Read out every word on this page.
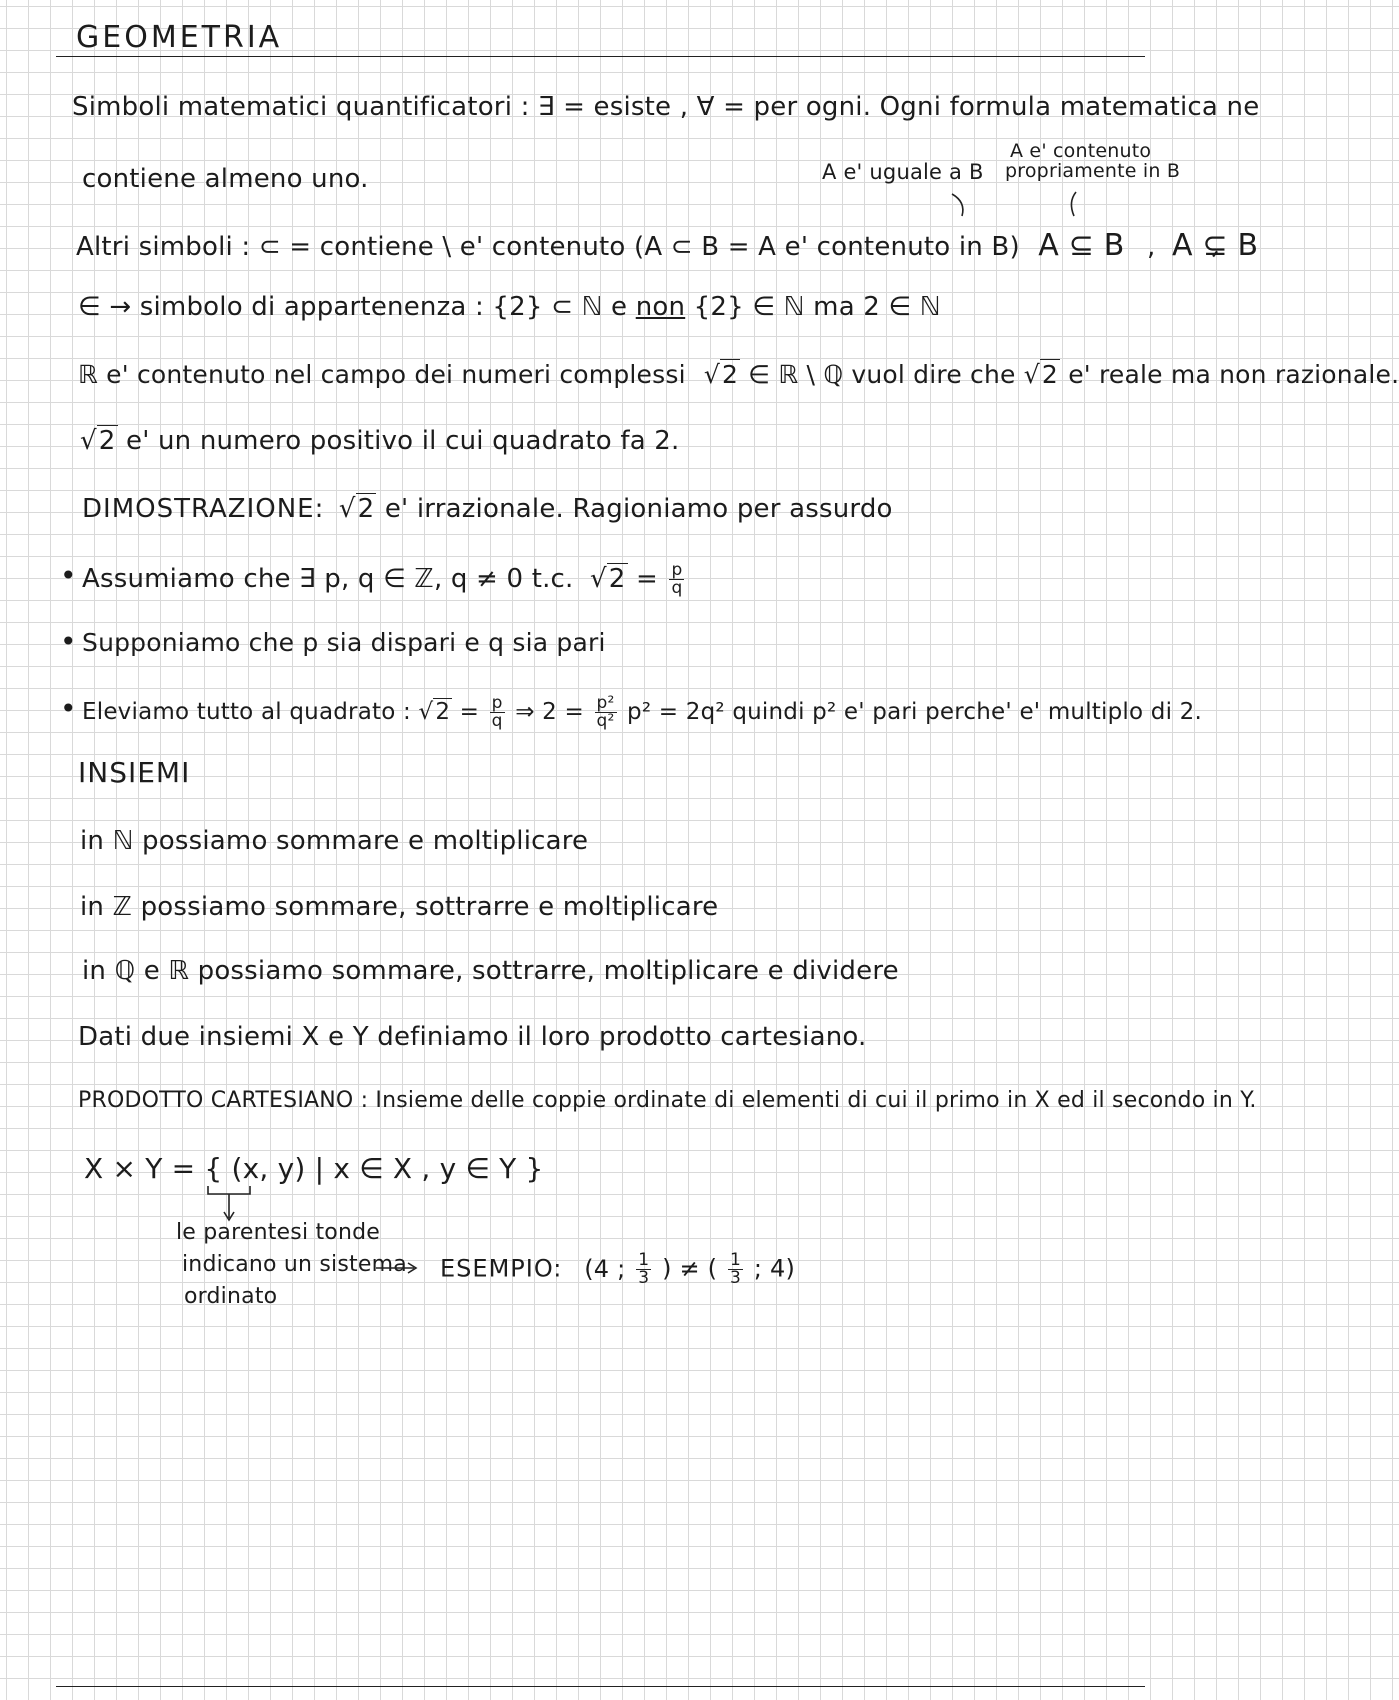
GEOMETRIA
Simboli matematici quantificatori : ∃ = esiste , ∀ = per ogni. Ogni formula matematica ne
contiene almeno uno.	A e' uguale a B
A e' contenuto
propriamente in B
Altri simboli : ⊂ = contiene \ e' contenuto (A ⊂ B = A e' contenuto in B) A ⊆ B , A ⊊ B
∈ → simbolo di appartenenza : {2} ⊂ ℕ e non {2} ∈ ℕ ma 2 ∈ ℕ
ℝ e' contenuto nel campo dei numeri complessi √2 ∈ ℝ \ ℚ vuol dire che √2 e' reale ma non razionale.
√2 e' un numero positivo il cui quadrato fa 2.
DIMOSTRAZIONE: √2 e' irrazionale. Ragioniamo per assurdo
• Assumiamo che ∃ p, q ∈ ℤ, q ≠ 0 t.c. $√2 = \frac{p}{q}$
• Supponiamo che p sia dispari e q sia pari
• Eleviamo tutto al quadrato : $√2 = \frac{p}{q}$ ⇒ $2 = \frac{\text{p²}}{\text{q²}} p^2 = 2q^2$ quindi p² e' pari perche' e' multiplo di 2.
INSIEMI
in ℕ possiamo sommare e moltiplicare
in ℤ possiamo sommare, sottrarre e moltiplicare
in ℚ e ℝ possiamo sommare, sottrarre, moltiplicare e dividere
Dati due insiemi X e Y definiamo il loro prodotto cartesiano.
PRODOTTO CARTESIANO : Insieme delle coppie ordinate di elementi di cui il primo in X ed il secondo in Y.
X × Y = { (x, y) | x ∈ X , y ∈ Y }
le parentesi tonde
indicano un sistema
ordinato
ESEMPIO: (4 ; $\frac{1}{3}$ ) ≠ ( $\frac{1}{3}$ ; 4)
